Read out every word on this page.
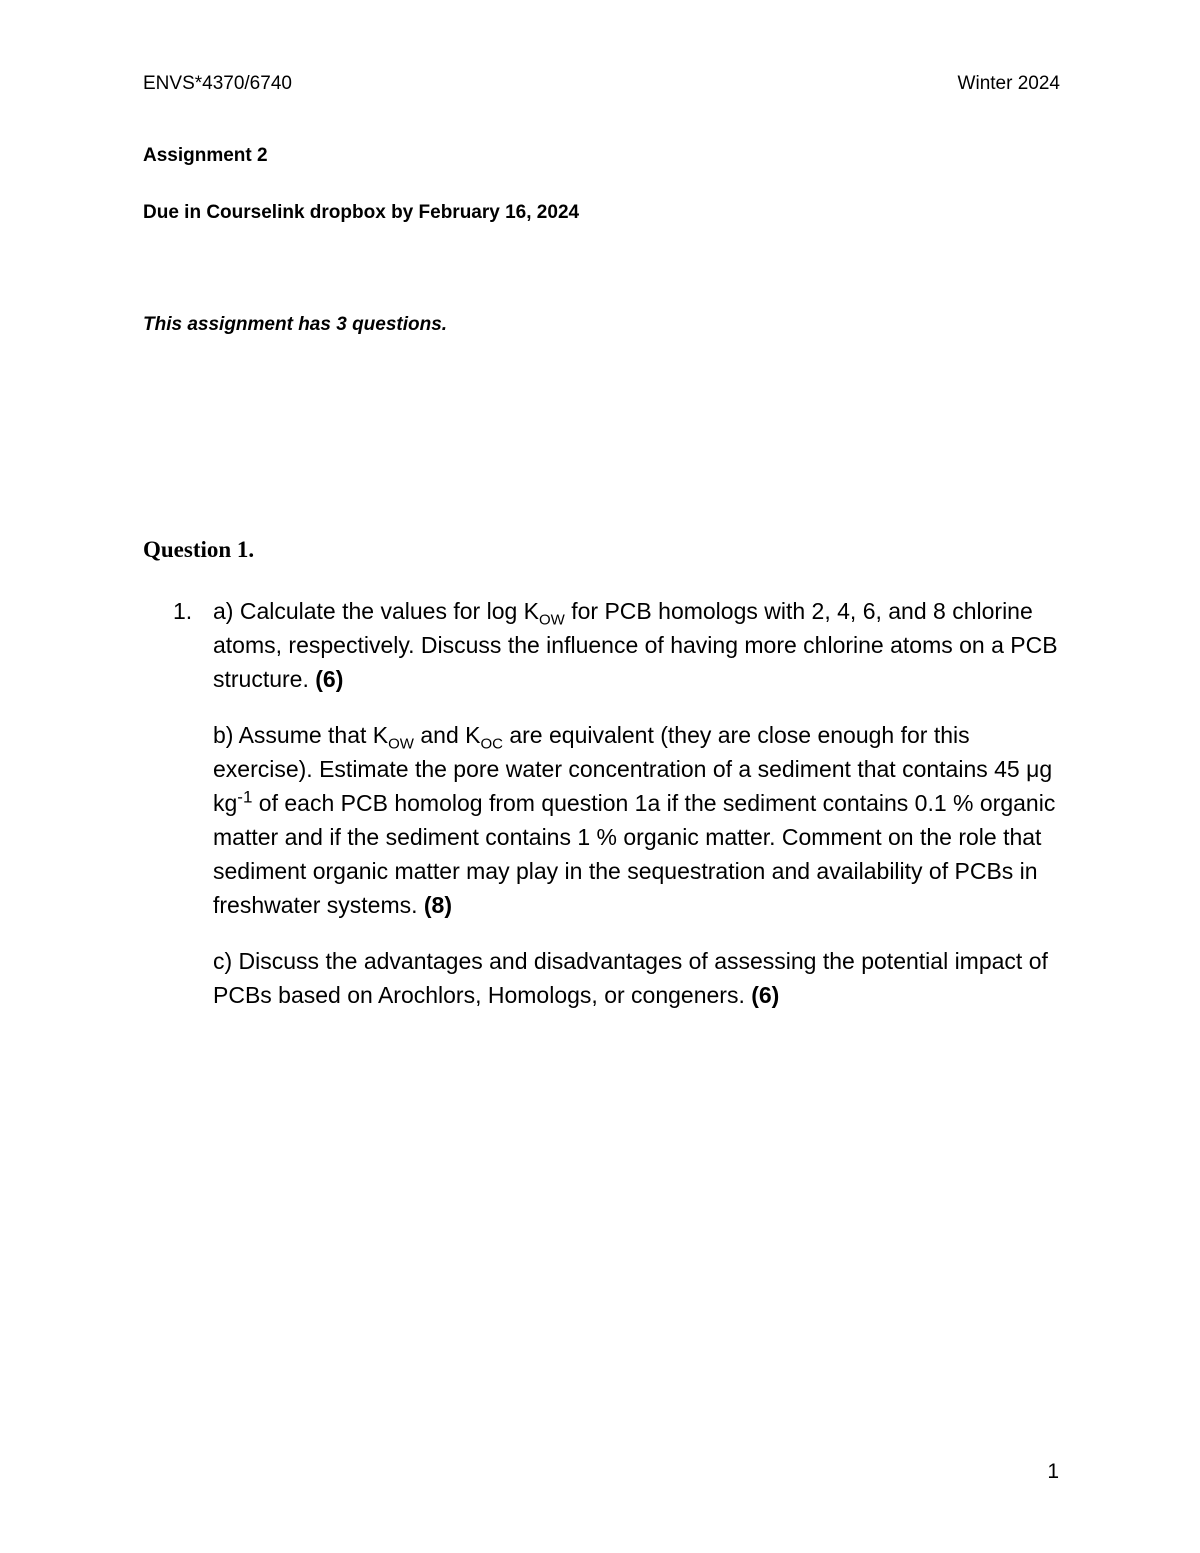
ENVS*4370/6740	Winter 2024
Assignment 2
Due in Courselink dropbox by February 16, 2024
This assignment has 3 questions.
Question 1.
1. a) Calculate the values for $\log K_{OW}$ for PCB homologs with 2, 4, 6, and 8 chlorine atoms, respectively. Discuss the influence of having more chlorine atoms on a PCB structure. (6)

b) Assume that $K_{OW}$ and $K_{OC}$ are equivalent (they are close enough for this exercise). Estimate the pore water concentration of a sediment that contains 45 μg $kg^{-1}$ of each PCB homolog from question 1a if the sediment contains 0.1 % organic matter and if the sediment contains 1 % organic matter. Comment on the role that sediment organic matter may play in the sequestration and availability of PCBs in freshwater systems. (8)

c) Discuss the advantages and disadvantages of assessing the potential impact of PCBs based on Arochlors, Homologs, or congeners. (6)

1
